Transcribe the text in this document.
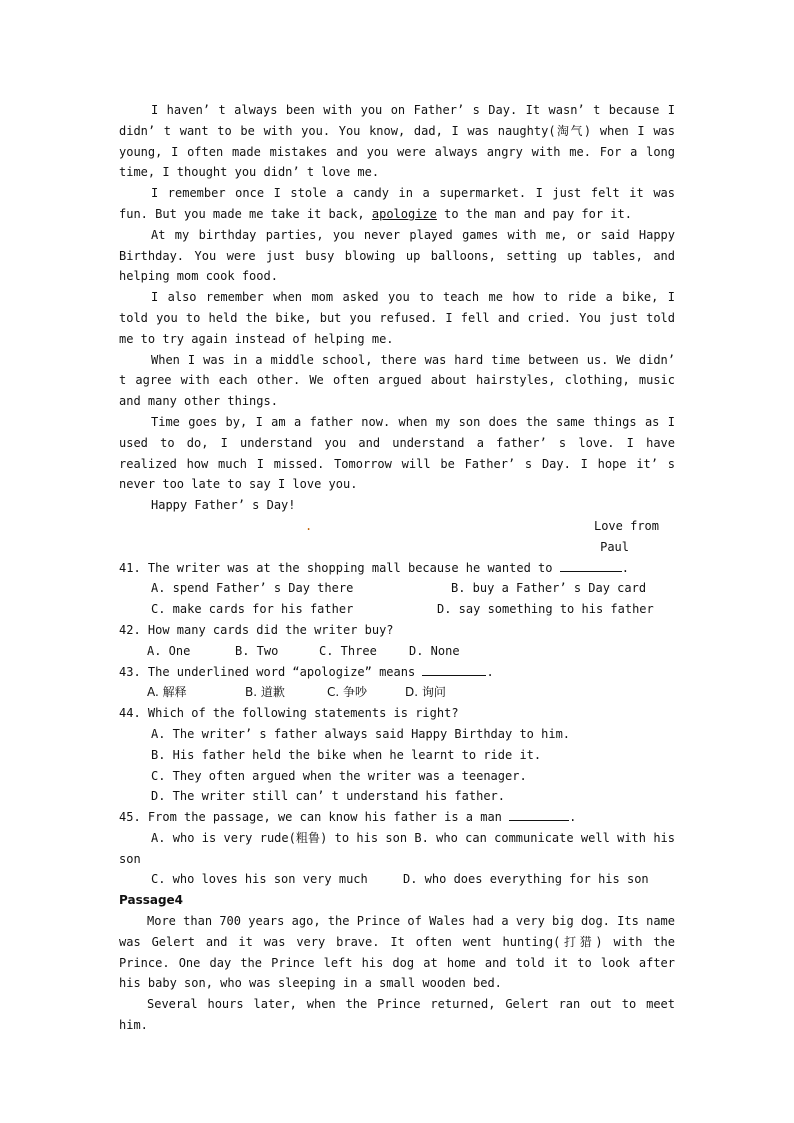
I haven’ t always been with you on Father’ s Day. It wasn’ t because I didn’ t want to be with you. You know, dad, I was naughty(淘气) when I was young, I often made mistakes and you were always angry with me. For a long time, I thought you didn’ t love me.

I remember once I stole a candy in a supermarket. I just felt it was fun. But you made me take it back, apologize to the man and pay for it.

At my birthday parties, you never played games with me, or said Happy Birthday. You were just busy blowing up balloons, setting up tables, and helping mom cook food.

I also remember when mom asked you to teach me how to ride a bike, I told you to held the bike, but you refused. I fell and cried. You just told me to try again instead of helping me.

When I was in a middle school, there was hard time between us. We didn’ t agree with each other. We often argued about hairstyles, clothing, music and many other things.

Time goes by, I am a father now. when my son does the same things as I used to do, I understand you and understand a father’ s love. I have realized how much I missed. Tomorrow will be Father’ s Day. I hope it’ s never too late to say I love you.

Happy Father’ s Day!

.	Love from
Paul

41. The writer was at the shopping mall because he wanted to	.

A. spend Father’ s Day there	B. buy a Father’ s Day card

C. make cards for his father	D. say something to his father

42. How many cards did the writer buy?

A. One	B. Two	C. Three	D. None

43. The underlined word “apologize” means	.

A. 解释	B. 道歉	C. 争吵	D. 询问

44. Which of the following statements is right?

A. The writer’ s father always said Happy Birthday to him.

B. His father held the bike when he learnt to ride it.

C. They often argued when the writer was a teenager.

D. The writer still can’ t understand his father.

45. From the passage, we can know his father is a man	.

A. who is very rude(粗鲁) to his son B. who can communicate well with his son

C. who loves his son very much	D. who does everything for his son

Passage4

More than 700 years ago, the Prince of Wales had a very big dog. Its name was Gelert and it was very brave. It often went hunting(打猎) with the Prince. One day the Prince left his dog at home and told it to look after his baby son, who was sleeping in a small wooden bed.

Several hours later, when the Prince returned, Gelert ran out to meet him.
